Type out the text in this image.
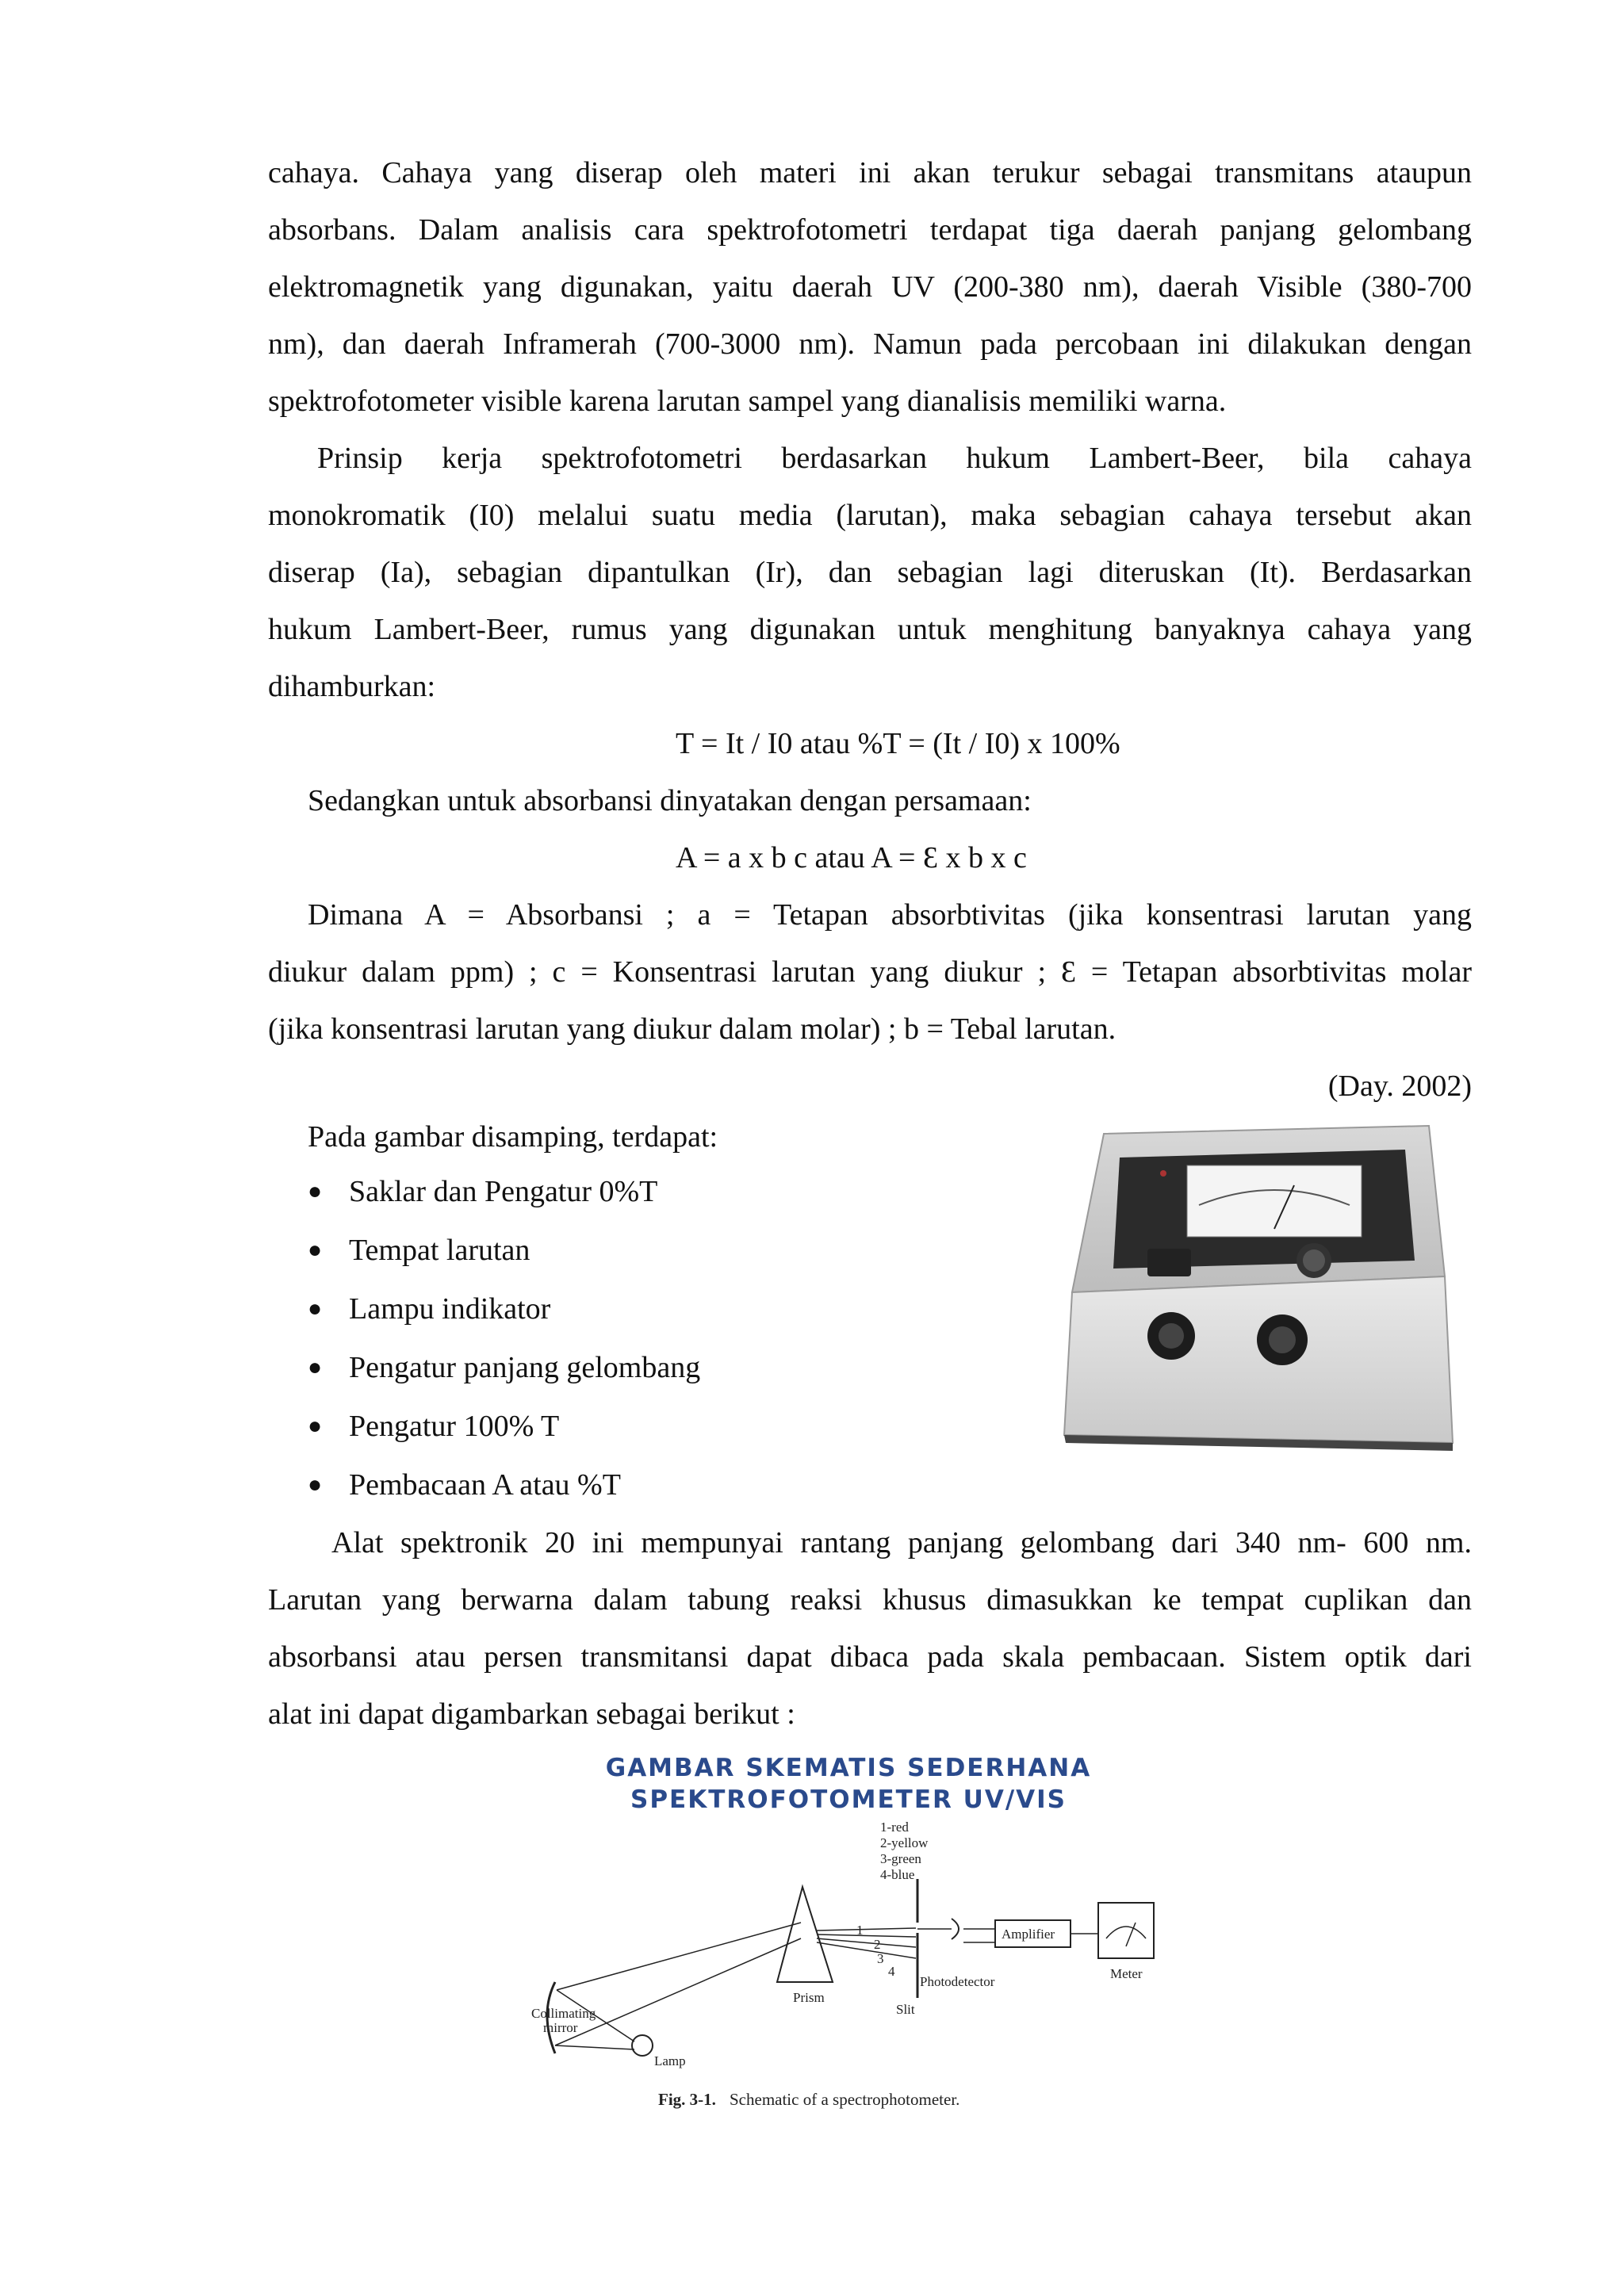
cahaya. Cahaya yang diserap oleh materi ini akan terukur sebagai transmitans ataupun
absorbans. Dalam analisis cara spektrofotometri terdapat tiga daerah panjang gelombang
elektromagnetik yang digunakan, yaitu daerah UV (200-380 nm), daerah Visible (380-700
nm), dan daerah Inframerah (700-3000 nm). Namun pada percobaan ini dilakukan dengan
spektrofotometer visible karena larutan sampel yang dianalisis memiliki warna.
Prinsip kerja spektrofotometri berdasarkan hukum Lambert-Beer, bila cahaya
monokromatik (I0) melalui suatu media (larutan), maka sebagian cahaya tersebut akan
diserap (Ia), sebagian dipantulkan (Ir), dan sebagian lagi diteruskan (It). Berdasarkan
hukum Lambert-Beer, rumus yang digunakan untuk menghitung banyaknya cahaya yang
dihamburkan:
T = It / I0 atau %T = (It / I0) x 100%
Sedangkan untuk absorbansi dinyatakan dengan persamaan:
A = a x b c atau A = Ɛ x b x c
Dimana A = Absorbansi ; a = Tetapan absorbtivitas (jika konsentrasi larutan yang
diukur dalam ppm) ; c = Konsentrasi larutan yang diukur ; Ɛ = Tetapan absorbtivitas molar
(jika konsentrasi larutan yang diukur dalam molar) ; b = Tebal larutan.
(Day. 2002)
Pada gambar disamping, terdapat:
● Saklar dan Pengatur 0%T
● Tempat larutan
● Lampu indikator
● Pengatur panjang gelombang
● Pengatur 100% T
● Pembacaan A atau %T
Alat spektronik 20 ini mempunyai rantang panjang gelombang dari 340 nm- 600 nm.
Larutan yang berwarna dalam tabung reaksi khusus dimasukkan ke tempat cuplikan dan
absorbansi atau persen transmitansi dapat dibaca pada skala pembacaan. Sistem optik dari
alat ini dapat digambarkan sebagai berikut :
GAMBAR SKEMATIS SEDERHANA
SPEKTROFOTOMETER UV/VIS
Collimating
mirror
Lamp
Prism
1
2
3
4
Slit
1-red
2-yellow
3-green
4-blue
Photodetector
Amplifier
Meter
Fig. 3-1. Schematic of a spectrophotometer.
